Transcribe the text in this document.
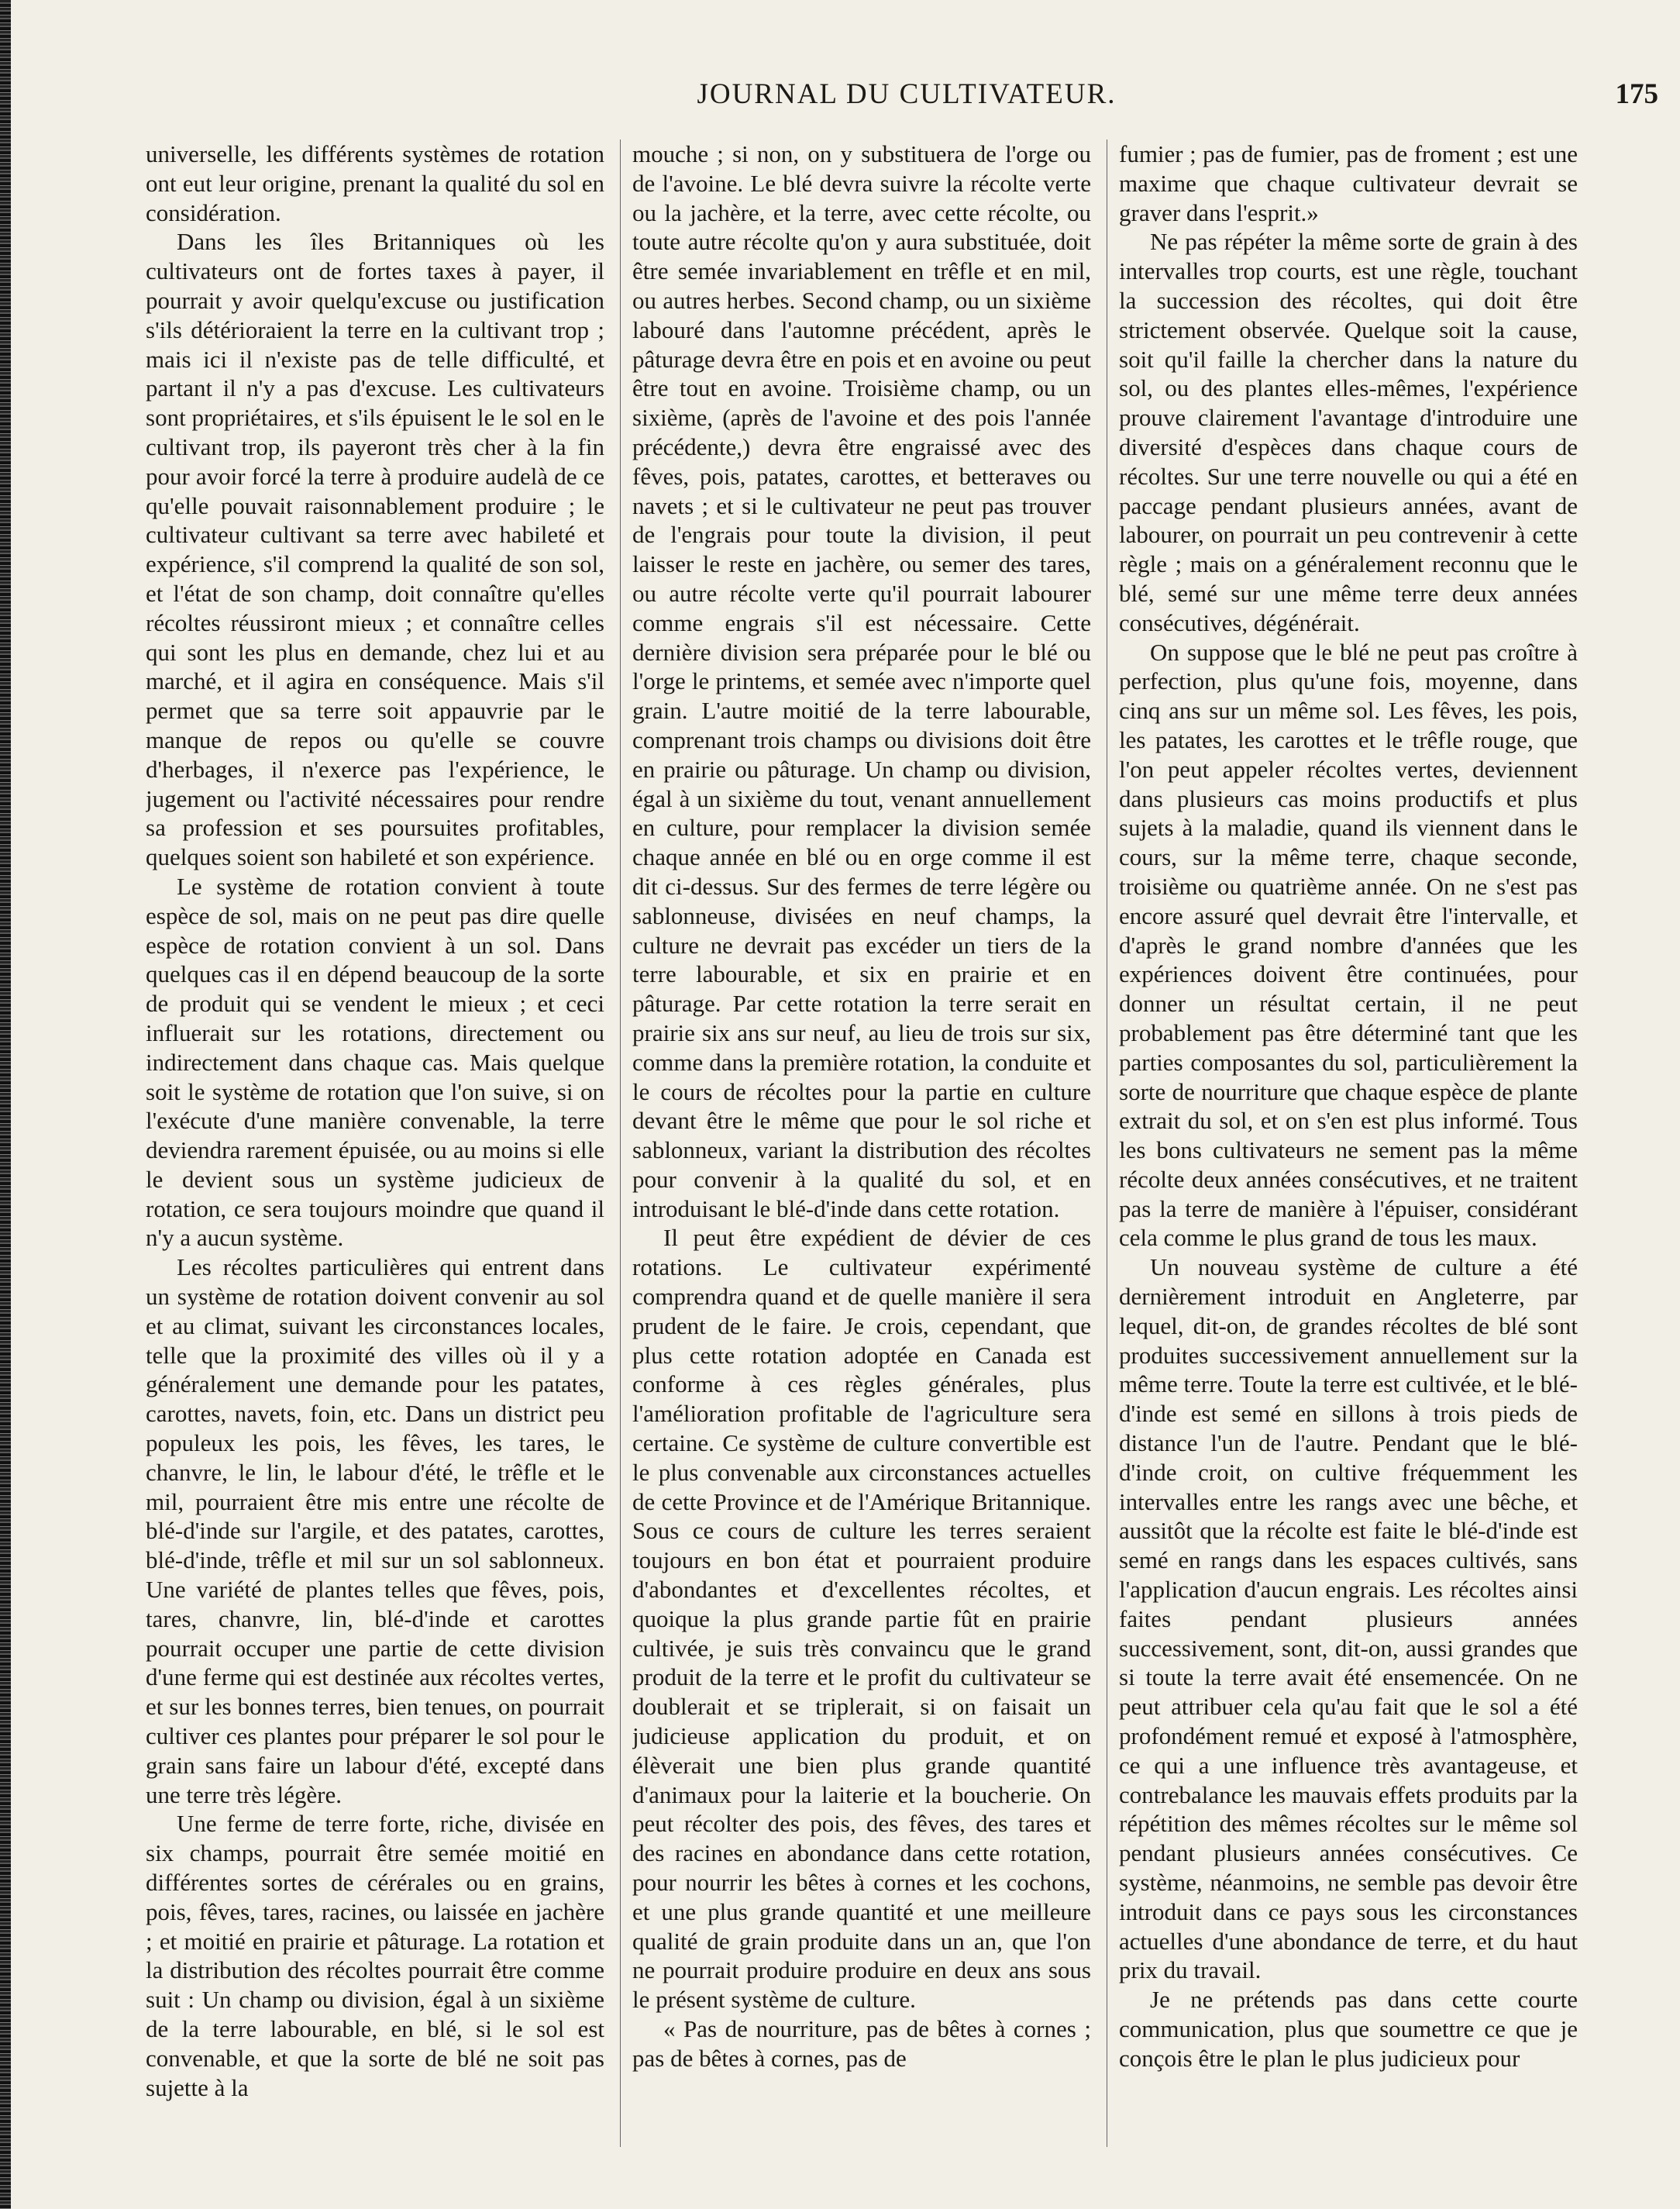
JOURNAL DU CULTIVATEUR.	175

universelle, les différents systèmes de rotation ont eut leur origine, prenant la qualité du sol en considération.

Dans les îles Britanniques où les cultivateurs ont de fortes taxes à payer, il pourrait y avoir quelqu'excuse ou justification s'ils détérioraient la terre en la cultivant trop ; mais ici il n'existe pas de telle difficulté, et partant il n'y a pas d'excuse. Les cultivateurs sont propriétaires, et s'ils épuisent le le sol en le cultivant trop, ils payeront très cher à la fin pour avoir forcé la terre à produire audelà de ce qu'elle pouvait raisonnablement produire ; le cultivateur cultivant sa terre avec habileté et expérience, s'il comprend la qualité de son sol, et l'état de son champ, doit connaître qu'elles récoltes réussiront mieux ; et connaître celles qui sont les plus en demande, chez lui et au marché, et il agira en conséquence. Mais s'il permet que sa terre soit appauvrie par le manque de repos ou qu'elle se couvre d'herbages, il n'exerce pas l'expérience, le jugement ou l'activité nécessaires pour rendre sa profession et ses poursuites profitables, quelques soient son habileté et son expérience.

Le système de rotation convient à toute espèce de sol, mais on ne peut pas dire quelle espèce de rotation convient à un sol. Dans quelques cas il en dépend beaucoup de la sorte de produit qui se vendent le mieux ; et ceci influerait sur les rotations, directement ou indirectement dans chaque cas. Mais quelque soit le système de rotation que l'on suive, si on l'exécute d'une manière convenable, la terre deviendra rarement épuisée, ou au moins si elle le devient sous un système judicieux de rotation, ce sera toujours moindre que quand il n'y a aucun système.

Les récoltes particulières qui entrent dans un système de rotation doivent convenir au sol et au climat, suivant les circonstances locales, telle que la proximité des villes où il y a généralement une demande pour les patates, carottes, navets, foin, etc. Dans un district peu populeux les pois, les fêves, les tares, le chanvre, le lin, le labour d'été, le trêfle et le mil, pourraient être mis entre une récolte de blé-d'inde sur l'argile, et des patates, carottes, blé-d'inde, trêfle et mil sur un sol sablonneux. Une variété de plantes telles que fêves, pois, tares, chanvre, lin, blé-d'inde et carottes pourrait occuper une partie de cette division d'une ferme qui est destinée aux récoltes vertes, et sur les bonnes terres, bien tenues, on pourrait cultiver ces plantes pour préparer le sol pour le grain sans faire un labour d'été, excepté dans une terre très légère.

Une ferme de terre forte, riche, divisée en six champs, pourrait être semée moitié en différentes sortes de cérérales ou en grains, pois, fêves, tares, racines, ou laissée en jachère ; et moitié en prairie et pâturage. La rotation et la distribution des récoltes pourrait être comme suit : Un champ ou division, égal à un sixième de la terre labourable, en blé, si le sol est convenable, et que la sorte de blé ne soit pas sujette à la

mouche ; si non, on y substituera de l'orge ou de l'avoine. Le blé devra suivre la récolte verte ou la jachère, et la terre, avec cette récolte, ou toute autre récolte qu'on y aura substituée, doit être semée invariablement en trêfle et en mil, ou autres herbes. Second champ, ou un sixième labouré dans l'automne précédent, après le pâturage devra être en pois et en avoine ou peut être tout en avoine. Troisième champ, ou un sixième, (après de l'avoine et des pois l'année précédente,) devra être engraissé avec des fêves, pois, patates, carottes, et betteraves ou navets ; et si le cultivateur ne peut pas trouver de l'engrais pour toute la division, il peut laisser le reste en jachère, ou semer des tares, ou autre récolte verte qu'il pourrait labourer comme engrais s'il est nécessaire. Cette dernière division sera préparée pour le blé ou l'orge le printems, et semée avec n'importe quel grain. L'autre moitié de la terre labourable, comprenant trois champs ou divisions doit être en prairie ou pâturage. Un champ ou division, égal à un sixième du tout, venant annuellement en culture, pour remplacer la division semée chaque année en blé ou en orge comme il est dit ci-dessus. Sur des fermes de terre légère ou sablonneuse, divisées en neuf champs, la culture ne devrait pas excéder un tiers de la terre labourable, et six en prairie et en pâturage. Par cette rotation la terre serait en prairie six ans sur neuf, au lieu de trois sur six, comme dans la première rotation, la conduite et le cours de récoltes pour la partie en culture devant être le même que pour le sol riche et sablonneux, variant la distribution des récoltes pour convenir à la qualité du sol, et en introduisant le blé-d'inde dans cette rotation.

Il peut être expédient de dévier de ces rotations. Le cultivateur expérimenté comprendra quand et de quelle manière il sera prudent de le faire. Je crois, cependant, que plus cette rotation adoptée en Canada est conforme à ces règles générales, plus l'amélioration profitable de l'agriculture sera certaine. Ce système de culture convertible est le plus convenable aux circonstances actuelles de cette Province et de l'Amérique Britannique. Sous ce cours de culture les terres seraient toujours en bon état et pourraient produire d'abondantes et d'excellentes récoltes, et quoique la plus grande partie fût en prairie cultivée, je suis très convaincu que le grand produit de la terre et le profit du cultivateur se doublerait et se triplerait, si on faisait un judicieuse application du produit, et on élèverait une bien plus grande quantité d'animaux pour la laiterie et la boucherie. On peut récolter des pois, des fêves, des tares et des racines en abondance dans cette rotation, pour nourrir les bêtes à cornes et les cochons, et une plus grande quantité et une meilleure qualité de grain produite dans un an, que l'on ne pourrait produire produire en deux ans sous le présent système de culture.

« Pas de nourriture, pas de bêtes à cornes ; pas de bêtes à cornes, pas de

fumier ; pas de fumier, pas de froment ; est une maxime que chaque cultivateur devrait se graver dans l'esprit.»

Ne pas répéter la même sorte de grain à des intervalles trop courts, est une règle, touchant la succession des récoltes, qui doit être strictement observée. Quelque soit la cause, soit qu'il faille la chercher dans la nature du sol, ou des plantes elles-mêmes, l'expérience prouve clairement l'avantage d'introduire une diversité d'espèces dans chaque cours de récoltes. Sur une terre nouvelle ou qui a été en paccage pendant plusieurs années, avant de labourer, on pourrait un peu contrevenir à cette règle ; mais on a généralement reconnu que le blé, semé sur une même terre deux années consécutives, dégénérait.

On suppose que le blé ne peut pas croître à perfection, plus qu'une fois, moyenne, dans cinq ans sur un même sol. Les fêves, les pois, les patates, les carottes et le trêfle rouge, que l'on peut appeler récoltes vertes, deviennent dans plusieurs cas moins productifs et plus sujets à la maladie, quand ils viennent dans le cours, sur la même terre, chaque seconde, troisième ou quatrième année. On ne s'est pas encore assuré quel devrait être l'intervalle, et d'après le grand nombre d'années que les expériences doivent être continuées, pour donner un résultat certain, il ne peut probablement pas être déterminé tant que les parties composantes du sol, particulièrement la sorte de nourriture que chaque espèce de plante extrait du sol, et on s'en est plus informé. Tous les bons cultivateurs ne sement pas la même récolte deux années consécutives, et ne traitent pas la terre de manière à l'épuiser, considérant cela comme le plus grand de tous les maux.

Un nouveau système de culture a été dernièrement introduit en Angleterre, par lequel, dit-on, de grandes récoltes de blé sont produites successivement annuellement sur la même terre. Toute la terre est cultivée, et le blé-d'inde est semé en sillons à trois pieds de distance l'un de l'autre. Pendant que le blé-d'inde croit, on cultive fréquemment les intervalles entre les rangs avec une bêche, et aussitôt que la récolte est faite le blé-d'inde est semé en rangs dans les espaces cultivés, sans l'application d'aucun engrais. Les récoltes ainsi faites pendant plusieurs années successivement, sont, dit-on, aussi grandes que si toute la terre avait été ensemencée. On ne peut attribuer cela qu'au fait que le sol a été profondément remué et exposé à l'atmosphère, ce qui a une influence très avantageuse, et contrebalance les mauvais effets produits par la répétition des mêmes récoltes sur le même sol pendant plusieurs années consécutives. Ce système, néanmoins, ne semble pas devoir être introduit dans ce pays sous les circonstances actuelles d'une abondance de terre, et du haut prix du travail.

Je ne prétends pas dans cette courte communication, plus que soumettre ce que je conçois être le plan le plus judicieux pour
